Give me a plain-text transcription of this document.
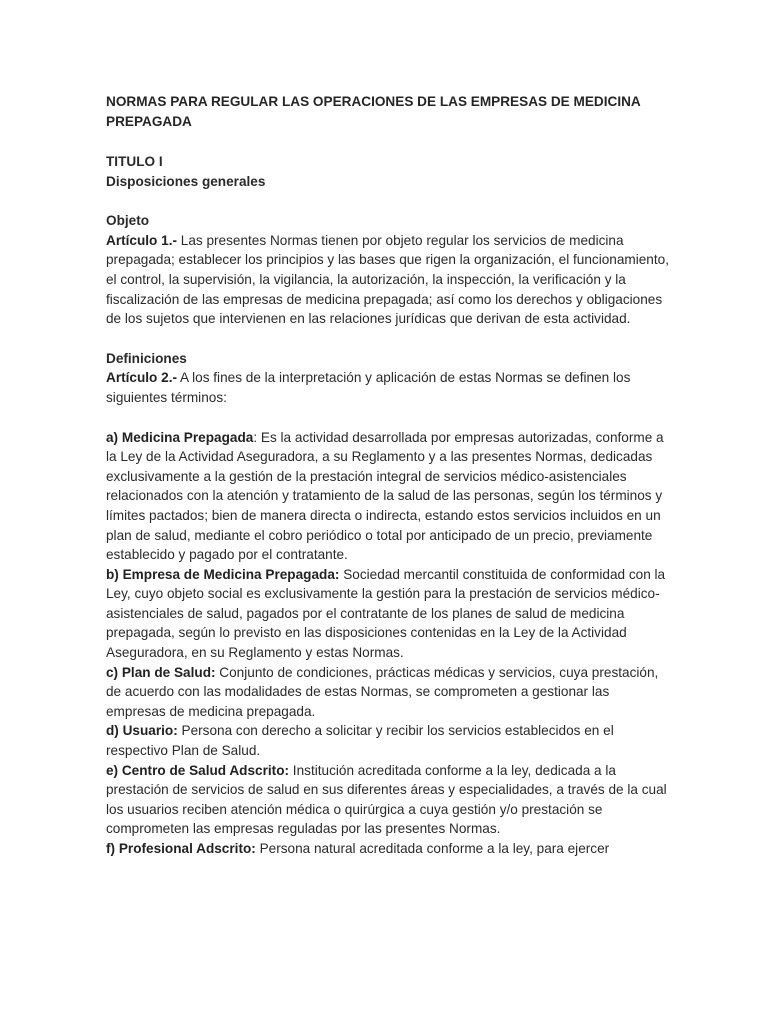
NORMAS PARA REGULAR LAS OPERACIONES DE LAS EMPRESAS DE MEDICINA PREPAGADA
TITULO I
Disposiciones generales
Objeto

Artículo 1.- Las presentes Normas tienen por objeto regular los servicios de medicina prepagada; establecer los principios y las bases que rigen la organización, el funcionamiento, el control, la supervisión, la vigilancia, la autorización, la inspección, la verificación y la fiscalización de las empresas de medicina prepagada; así como los derechos y obligaciones de los sujetos que intervienen en las relaciones jurídicas que derivan de esta actividad.

Definiciones

Artículo 2.- A los fines de la interpretación y aplicación de estas Normas se definen los siguientes términos:

a) Medicina Prepagada: Es la actividad desarrollada por empresas autorizadas, conforme a la Ley de la Actividad Aseguradora, a su Reglamento y a las presentes Normas, dedicadas exclusivamente a la gestión de la prestación integral de servicios médico-asistenciales relacionados con la atención y tratamiento de la salud de las personas, según los términos y límites pactados; bien de manera directa o indirecta, estando estos servicios incluidos en un plan de salud, mediante el cobro periódico o total por anticipado de un precio, previamente establecido y pagado por el contratante.

b) Empresa de Medicina Prepagada: Sociedad mercantil constituida de conformidad con la Ley, cuyo objeto social es exclusivamente la gestión para la prestación de servicios médico-asistenciales de salud, pagados por el contratante de los planes de salud de medicina prepagada, según lo previsto en las disposiciones contenidas en la Ley de la Actividad Aseguradora, en su Reglamento y estas Normas.

c) Plan de Salud: Conjunto de condiciones, prácticas médicas y servicios, cuya prestación, de acuerdo con las modalidades de estas Normas, se comprometen a gestionar las empresas de medicina prepagada.

d) Usuario: Persona con derecho a solicitar y recibir los servicios establecidos en el respectivo Plan de Salud.

e) Centro de Salud Adscrito: Institución acreditada conforme a la ley, dedicada a la prestación de servicios de salud en sus diferentes áreas y especialidades, a través de la cual los usuarios reciben atención médica o quirúrgica a cuya gestión y/o prestación se comprometen las empresas reguladas por las presentes Normas.

f) Profesional Adscrito: Persona natural acreditada conforme a la ley, para ejercer
